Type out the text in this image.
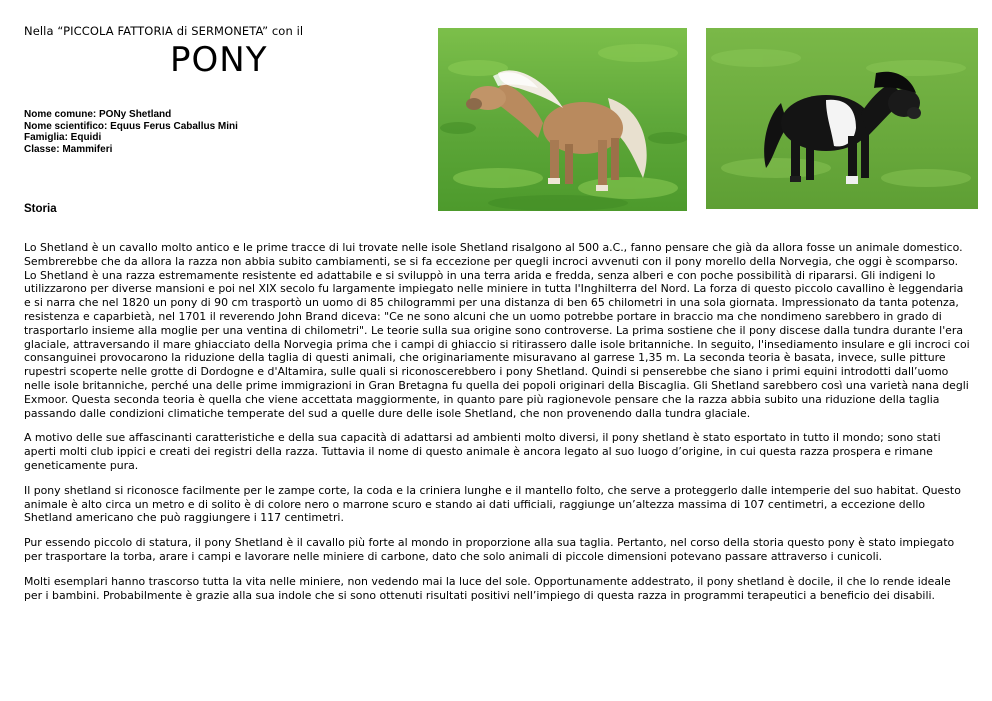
Nella “PICCOLA FATTORIA di SERMONETA” con il
PONY
Nome comune: PONy Shetland
Nome scientifico: Equus Ferus Caballus Mini
Famiglia: Equidi
Classe: Mammiferi
Storia

Lo Shetland è un cavallo molto antico e le prime tracce di lui trovate nelle isole Shetland risalgono al 500 a.C., fanno pensare che già da allora fosse un animale domestico. Sembrerebbe che da allora la razza non abbia subito cambiamenti, se si fa eccezione per quegli incroci avvenuti con il pony morello della Norvegia, che oggi è scomparso. Lo Shetland è una razza estremamente resistente ed adattabile e si sviluppò in una terra arida e fredda, senza alberi e con poche possibilità di ripararsi. Gli indigeni lo utilizzarono per diverse mansioni e poi nel XIX secolo fu largamente impiegato nelle miniere in tutta l'Inghilterra del Nord. La forza di questo piccolo cavallino è leggendaria e si narra che nel 1820 un pony di 90 cm trasportò un uomo di 85 chilogrammi per una distanza di ben 65 chilometri in una sola giornata. Impressionato da tanta potenza, resistenza e caparbietà, nel 1701 il reverendo John Brand diceva: "Ce ne sono alcuni che un uomo potrebbe portare in braccio ma che nondimeno sarebbero in grado di trasportarlo insieme alla moglie per una ventina di chilometri". Le teorie sulla sua origine sono controverse. La prima sostiene che il pony discese dalla tundra durante l'era glaciale, attraversando il mare ghiacciato della Norvegia prima che i campi di ghiaccio si ritirassero dalle isole britanniche. In seguito, l'insediamento insulare e gli incroci coi consanguinei provocarono la riduzione della taglia di questi animali, che originariamente misuravano al garrese 1,35 m. La seconda teoria è basata, invece, sulle pitture rupestri scoperte nelle grotte di Dordogne e d'Altamira, sulle quali si riconoscerebbero i pony Shetland. Quindi si penserebbe che siano i primi equini introdotti dall’uomo nelle isole britanniche, perché una delle prime immigrazioni in Gran Bretagna fu quella dei popoli originari della Biscaglia. Gli Shetland sarebbero così una varietà nana degli Exmoor. Questa seconda teoria è quella che viene accettata maggiormente, in quanto pare più ragionevole pensare che la razza abbia subito una riduzione della taglia passando dalle condizioni climatiche temperate del sud a quelle dure delle isole Shetland, che non provenendo dalla tundra glaciale.

A motivo delle sue affascinanti caratteristiche e della sua capacità di adattarsi ad ambienti molto diversi, il pony shetland è stato esportato in tutto il mondo; sono stati aperti molti club ippici e creati dei registri della razza. Tuttavia il nome di questo animale è ancora legato al suo luogo d’origine, in cui questa razza prospera e rimane geneticamente pura.

Il pony shetland si riconosce facilmente per le zampe corte, la coda e la criniera lunghe e il mantello folto, che serve a proteggerlo dalle intemperie del suo habitat. Questo animale è alto circa un metro e di solito è di colore nero o marrone scuro e stando ai dati ufficiali, raggiunge un’altezza massima di 107 centimetri, a eccezione dello Shetland americano che può raggiungere i 117 centimetri.

Pur essendo piccolo di statura, il pony Shetland è il cavallo più forte al mondo in proporzione alla sua taglia. Pertanto, nel corso della storia questo pony è stato impiegato per trasportare la torba, arare i campi e lavorare nelle miniere di carbone, dato che solo animali di piccole dimensioni potevano passare attraverso i cunicoli.

Molti esemplari hanno trascorso tutta la vita nelle miniere, non vedendo mai la luce del sole. Opportunamente addestrato, il pony shetland è docile, il che lo rende ideale per i bambini. Probabilmente è grazie alla sua indole che si sono ottenuti risultati positivi nell’impiego di questa razza in programmi terapeutici a beneficio dei disabili.
